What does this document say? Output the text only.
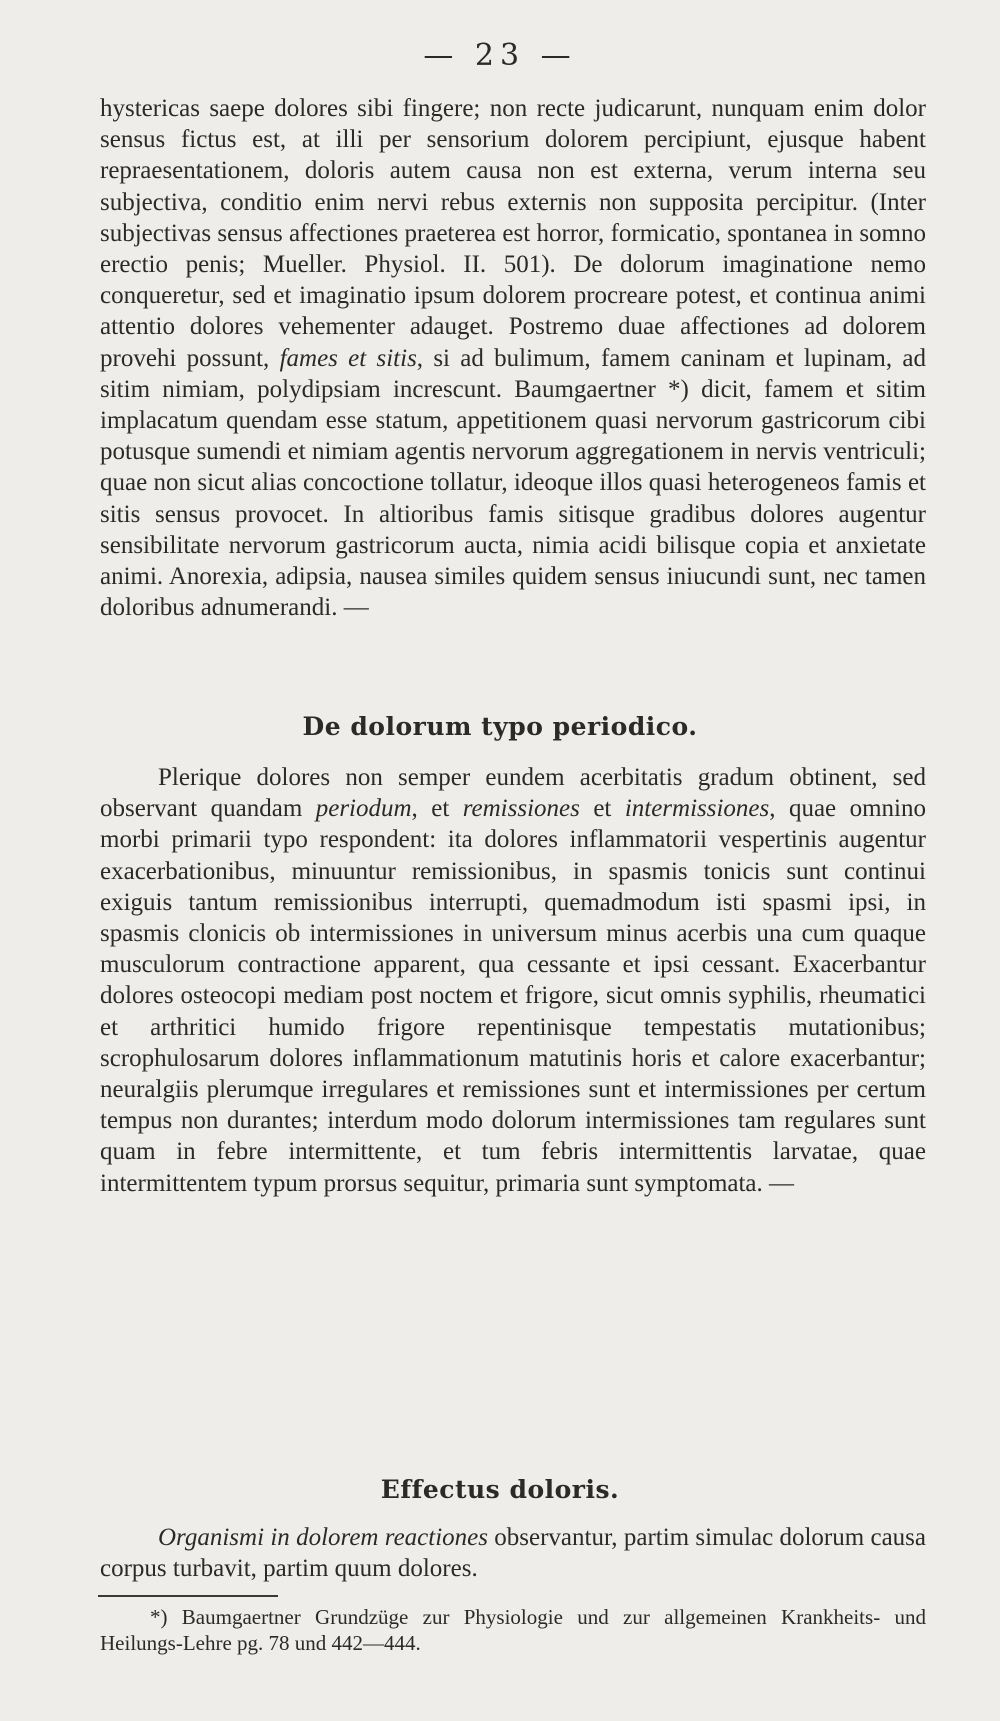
— 23 —

hystericas saepe dolores sibi fingere; non recte judicarunt, nunquam enim dolor sensus fictus est, at illi per sensorium dolorem percipiunt, ejusque habent repraesentationem, doloris autem causa non est externa, verum interna seu subjectiva, conditio enim nervi rebus externis non supposita percipitur. (Inter subjectivas sensus affectiones praeterea est horror, formicatio, spontanea in somno erectio penis; Mueller. Physiol. II. 501). De dolorum imaginatione nemo conqueretur, sed et imaginatio ipsum dolorem procreare potest, et continua animi attentio dolores vehementer adauget. Postremo duae affectiones ad dolorem provehi possunt, fames et sitis, si ad bulimum, famem caninam et lupinam, ad sitim nimiam, polydipsiam increscunt. Baumgaertner *) dicit, famem et sitim implacatum quendam esse statum, appetitionem quasi nervorum gastricorum cibi potusque sumendi et nimiam agentis nervorum aggregationem in nervis ventriculi; quae non sicut alias concoctione tollatur, ideoque illos quasi heterogeneos famis et sitis sensus provocet. In altioribus famis sitisque gradibus dolores augentur sensibilitate nervorum gastricorum aucta, nimia acidi bilisque copia et anxietate animi. Anorexia, adipsia, nausea similes quidem sensus iniucundi sunt, nec tamen doloribus adnumerandi. —

De dolorum typo periodico.

Plerique dolores non semper eundem acerbitatis gradum obtinent, sed observant quandam periodum, et remissiones et intermissiones, quae omnino morbi primarii typo respondent: ita dolores inflammatorii vespertinis augentur exacerbationibus, minuuntur remissionibus, in spasmis tonicis sunt continui exiguis tantum remissionibus interrupti, quemadmodum isti spasmi ipsi, in spasmis clonicis ob intermissiones in universum minus acerbis una cum quaque musculorum contractione apparent, qua cessante et ipsi cessant. Exacerbantur dolores osteocopi mediam post noctem et frigore, sicut omnis syphilis, rheumatici et arthritici humido frigore repentinisque tempestatis mutationibus; scrophulosarum dolores inflammationum matutinis horis et calore exacerbantur; neuralgiis plerumque irregulares et remissiones sunt et intermissiones per certum tempus non durantes; interdum modo dolorum intermissiones tam regulares sunt quam in febre intermittente, et tum febris intermittentis larvatae, quae intermittentem typum prorsus sequitur, primaria sunt symptomata. —

Effectus doloris.

Organismi in dolorem reactiones observantur, partim simulac dolorum causa corpus turbavit, partim quum dolores.

*) Baumgaertner Grundzüge zur Physiologie und zur allgemeinen Krankheits- und Heilungs-Lehre pg. 78 und 442—444.
